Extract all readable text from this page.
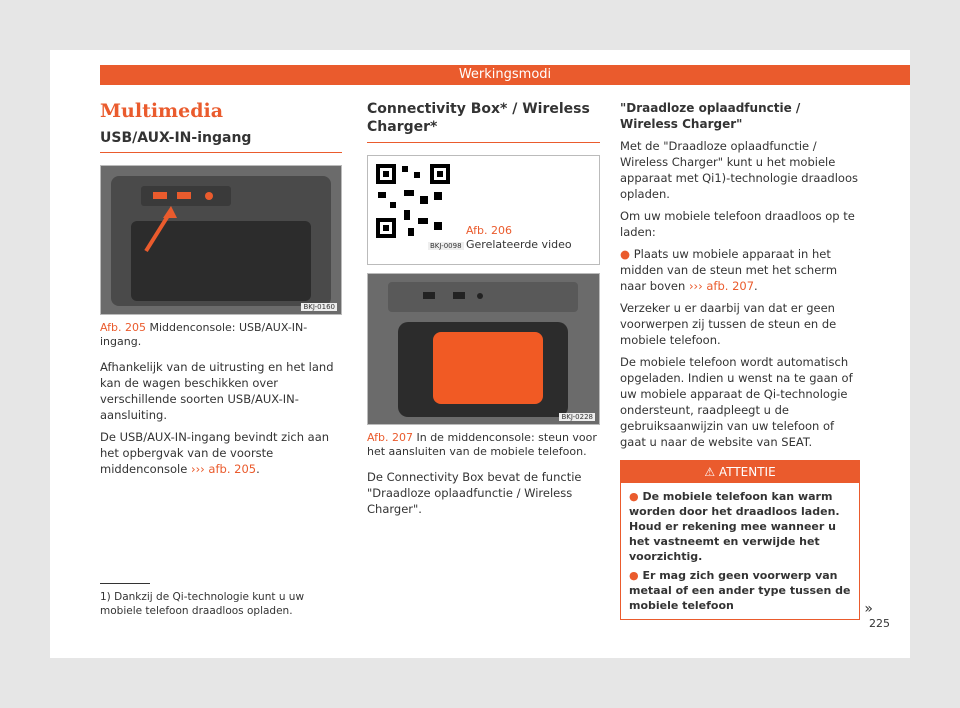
Werkingsmodi
Multimedia
USB/AUX-IN-ingang
BKJ-0160
Afb. 205 Middenconsole: USB/AUX-IN-ingang.

Afhankelijk van de uitrusting en het land kan de wagen beschikken over verschillende soorten USB/AUX-IN-aansluiting.

De USB/AUX-IN-ingang bevindt zich aan het opbergvak van de voorste middenconsole ››› afb. 205.

Connectivity Box* / Wireless Charger*
BKJ-0098
Afb. 206 Gerelateerde video
BKJ-0228
Afb. 207 In de middenconsole: steun voor het aansluiten van de mobiele telefoon.

De Connectivity Box bevat de functie "Draadloze oplaadfunctie / Wireless Charger".

"Draadloze oplaadfunctie / Wireless Charger"

Met de "Draadloze oplaadfunctie / Wireless Charger" kunt u het mobiele apparaat met Qi1)-technologie draadloos opladen.

Om uw mobiele telefoon draadloos op te laden:

● Plaats uw mobiele apparaat in het midden van de steun met het scherm naar boven ››› afb. 207.

Verzeker u er daarbij van dat er geen voorwerpen zij tussen de steun en de mobiele telefoon.

De mobiele telefoon wordt automatisch opgeladen. Indien u wenst na te gaan of uw mobiele apparaat de Qi-technologie ondersteunt, raadpleegt u de gebruiksaanwijzin van uw telefoon of gaat u naar de website van SEAT.

⚠ ATTENTIE
● De mobiele telefoon kan warm worden door het draadloos laden. Houd er rekening mee wanneer u het vastneemt en verwijde het voorzichtig.
● Er mag zich geen voorwerp van metaal of een ander type tussen de mobiele telefoon	»
1) Dankzij de Qi-technologie kunt u uw mobiele telefoon draadloos opladen.
225
